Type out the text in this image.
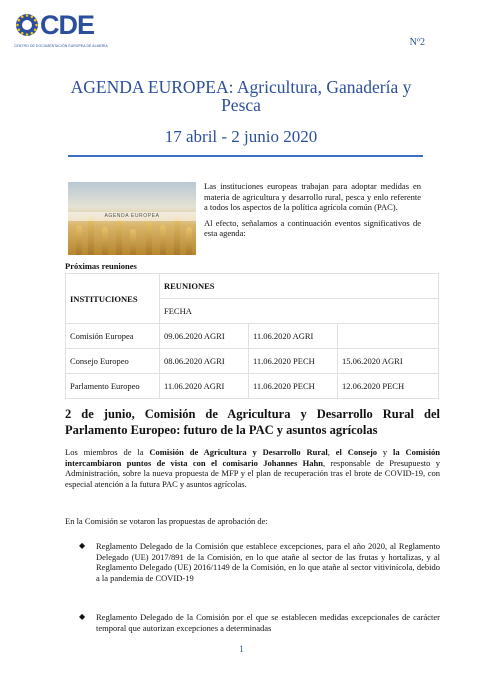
CDE
CENTRO DE DOCUMENTACIÓN EUROPEA DE ALMERÍA	Nº2
AGENDA EUROPEA: Agricultura, Ganadería y Pesca
17 abril - 2 junio 2020
AGENDA EUROPEA

Las instituciones europeas trabajan para adoptar medidas en materia de agricultura y desarrollo rural, pesca y enlo referente a todos los aspectos de la política agrícola común (PAC).

Al efecto, señalamos a continuación eventos significativos de esta agenda:

Próximas reuniones
INSTITUCIONES	REUNIONES		
	FECHA		
Comisión Europea	09.06.2020 AGRI	11.06.2020 AGRI	
Consejo Europeo	08.06.2020 AGRI	11.06.2020 PECH	15.06.2020 AGRI
Parlamento Europeo	11.06.2020 AGRI	11.06.2020 PECH	12.06.2020 PECH
2 de junio, Comisión de Agricultura y Desarrollo Rural del Parlamento Europeo: futuro de la PAC y asuntos agrícolas
Los miembros de la Comisión de Agricultura y Desarrollo Rural, el Consejo y la Comisión intercambiaron puntos de vista con el comisario Johannes Hahn, responsable de Presupuesto y Administración, sobre la nueva propuesta de MFP y el plan de recuperación tras el brote de COVID-19, con especial atención a la futura PAC y asuntos agrícolas.
En la Comisión se votaron las propuestas de aprobación de:
◆ Reglamento Delegado de la Comisión que establece excepciones, para el año 2020, al Reglamento Delegado (UE) 2017/891 de la Comisión, en lo que atañe al sector de las frutas y hortalizas, y al Reglamento Delegado (UE) 2016/1149 de la Comisión, en lo que atañe al sector vitivinícola, debido a la pandemia de COVID-19
◆ Reglamento Delegado de la Comisión por el que se establecen medidas excepcionales de carácter temporal que autorizan excepciones a determinadas
1
